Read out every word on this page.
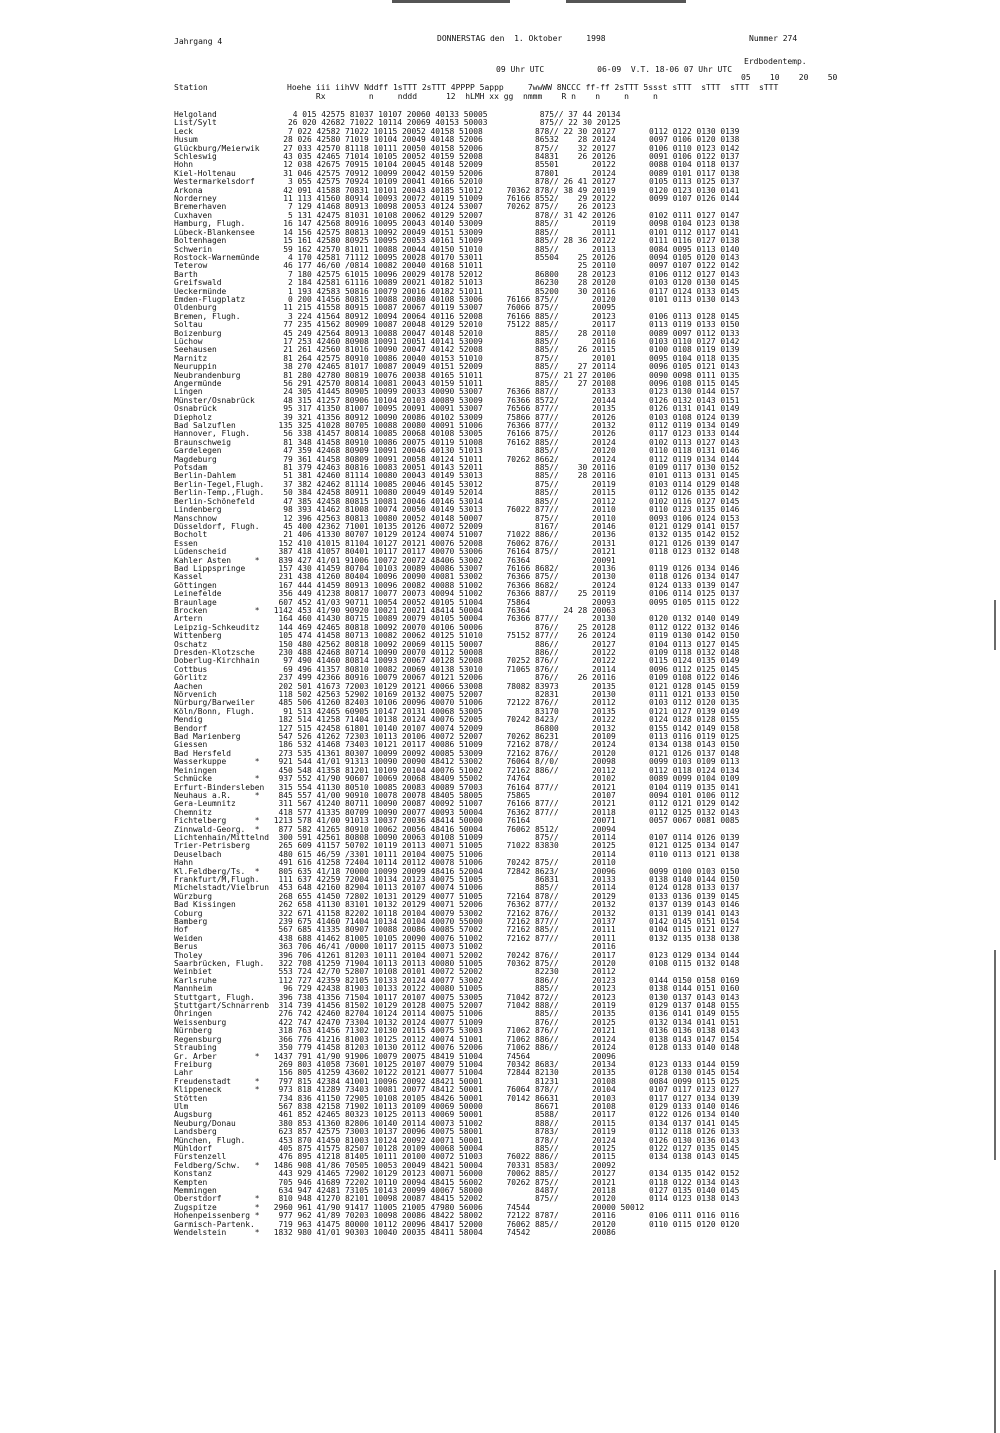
Jahrgang 4	DONNERSTAG den  1. Oktober     1998	Nummer 274
Erdbodentemp.
09 Uhr UTC           06-09  V.T. 18-06 07 Uhr UTC
05    10    20    50
Station	Hoehe iii iihVV Nddff 1sTTT 2sTTT 4PPPP 5appp     7wwWW 8NCCC ff-ff 2sTTT 5ssst sTTT  sTTT  sTTT  sTTT
Rx         n     nddd      12  hLMH xx gg  nmmm    R n    n     n     n
Helgoland                4 015 42575 81037 10107 20060 40133 50005           875// 37 44 20134
List/Sylt               26 020 42682 71022 10114 20069 40153 50003           875// 22 30 20125
Leck                    7 022 42582 71022 10115 20052 40158 51008           878// 22 30 20127       0112 0122 0130 0139
Husum                  28 026 42580 71019 10104 20049 40148 52006           86532    28 20124       0097 0106 0120 0138
Glückburg/Meierwik     27 033 42570 81118 10111 20050 40158 52006           875//    32 20127       0106 0110 0123 0142
Schleswig              43 035 42465 71014 10105 20052 40159 52008           84831    26 20126       0091 0106 0122 0137
Hohn                   12 038 42675 70915 10104 20045 40148 52009           85501       20122       0088 0104 0118 0137
Kiel-Holtenau          31 046 42575 70912 10099 20042 40159 52006           87801       20124       0089 0101 0117 0138
Westermarkelsdorf       3 055 42575 70924 10109 20041 40166 52010           878// 26 41 20127       0105 0113 0125 0137
Arkona                 42 091 41588 70831 10101 20043 40185 51012     70362 878// 38 49 20119       0120 0123 0130 0141
Norderney              11 113 41560 80914 10093 20072 40119 51009     76166 8552/    29 20122       0099 0107 0126 0144
Bremerhaven             7 129 41468 80913 10098 20053 40124 53007     70262 875//    26 20123
Cuxhaven                5 131 42475 81031 10108 20062 40129 52007           878// 31 42 20126       0102 0111 0127 0147
Hamburg, Flugh.        16 147 42568 80916 10095 20043 40140 53009           885//       20119       0098 0104 0123 0138
Lübeck-Blankensee      14 156 42575 80813 10092 20049 40151 53009           885//       20111       0101 0112 0117 0141
Boltenhagen            15 161 42580 80925 10095 20053 40161 51009           885// 28 36 20122       0111 0116 0127 0138
Schwerin               59 162 42570 81011 10088 20044 40150 51010           885//       20113       0084 0095 0113 0140
Rostock-Warnemünde      4 170 42581 71112 10095 20028 40170 53011           85504    25 20126       0094 0105 0120 0143
Teterow                46 177 46/60 /0814 10082 20040 40168 51011                    25 20110       0097 0107 0122 0142
Barth                   7 180 42575 61015 10096 20029 40178 52012           86800    28 20123       0106 0112 0127 0143
Greifswald              2 184 42581 61116 10089 20021 40182 51013           86230    28 20120       0103 0120 0130 0145
Ueckermünde             1 193 42583 50816 10079 20016 40182 51011           85200    30 20116       0117 0124 0133 0145
Emden-Flugplatz         0 200 41456 80815 10088 20080 40108 53006     76166 875//       20120       0101 0113 0130 0143
Oldenburg              11 215 41558 80915 10087 20067 40119 53007     76066 875//       20095
Bremen, Flugh.          3 224 41564 80912 10094 20064 40116 52008     76166 885//       20123       0106 0113 0128 0145
Soltau                 77 235 41562 80909 10087 20048 40129 52010     75122 885//       20117       0113 0119 0133 0150
Boizenburg             45 249 42564 80913 10088 20047 40148 52010           885//    28 20110       0089 0097 0112 0133
Lüchow                 17 253 42460 80908 10091 20051 40141 53009           885//       20116       0103 0110 0127 0142
Seehausen              21 261 42560 81016 10090 20047 40142 52008           885//    26 20115       0100 0108 0119 0139
Marnitz                81 264 42575 80910 10086 20040 40153 51010           875//       20101       0095 0104 0118 0135
Neuruppin              38 270 42465 81017 10087 20049 40151 52009           885//    27 20114       0096 0105 0121 0143
Neubrandenburg         81 280 42780 80819 10076 20038 40165 51011           875// 21 27 20106       0090 0098 0111 0135
Angermünde             56 291 42570 80814 10081 20043 40159 51011           885//    27 20108       0096 0108 0115 0145
Lingen                 24 305 41445 80905 10099 20033 40090 53007     76366 887//       20133       0123 0130 0144 0157
Münster/Osnabrück      48 315 41257 80906 10104 20103 40089 53009     76366 8572/       20144       0126 0132 0143 0151
Osnabrück              95 317 41350 81007 10095 20091 40091 53007     76566 877//       20135       0126 0131 0141 0149
Diepholz               39 321 41356 80912 10090 20086 40102 53009     75866 877//       20126       0103 0108 0124 0139
Bad Salzuflen         135 325 41028 80705 10088 20080 40091 51006     76366 877//       20132       0112 0119 0134 0149
Hannover, Flugh.       56 338 41457 80814 10085 20068 40108 53005     76166 875//       20126       0117 0123 0133 0144
Braunschweig           81 348 41458 80910 10086 20075 40119 51008     76162 885//       20124       0102 0113 0127 0143
Gardelegen             47 359 42468 80909 10091 20046 40130 51013           885//       20120       0110 0118 0131 0146
Magdeburg              79 361 41458 80809 10091 20058 40124 51011     70262 8662/       20124       0112 0119 0134 0144
Potsdam                81 379 42463 80816 10083 20051 40143 52011           885//    30 20116       0109 0117 0130 0152
Berlin-Dahlem          51 381 42460 81114 10080 20043 40149 53013           885//    28 20116       0101 0113 0131 0145
Berlin-Tegel,Flugh.    37 382 42462 81114 10085 20046 40145 53012           875//       20119       0103 0114 0129 0148
Berlin-Temp.,Flugh.    50 384 42458 80911 10080 20049 40149 52014           885//       20115       0112 0126 0135 0142
Berlin-Schönefeld      47 385 42458 80815 10081 20046 40146 53014           885//       20112       0102 0116 0127 0145
Lindenberg             98 393 41462 81008 10074 20050 40149 53013     76022 877//       20110       0110 0123 0135 0146
Manschnow              12 396 42563 80813 10080 20052 40148 50007           875//       20110       0093 0106 0124 0153
Düsseldorf, Flugh.     45 400 42362 71001 10135 20126 40072 52009           8167/       20146       0121 0129 0141 0157
Bocholt                21 406 41330 80707 10129 20124 40074 51007     71022 886//       20136       0132 0135 0142 0152
Essen                 152 410 41015 81104 10127 20121 40076 52008     76062 876//       20131       0121 0126 0139 0147
Lüdenscheid           387 418 41057 80401 10117 20117 40070 53006     76164 875//       20121       0118 0123 0132 0148
Kahler Asten     *    839 427 41/01 91006 10072 20072 48406 53002     76364             20091
Bad Lippspringe       157 430 41459 80704 10103 20089 40086 53007     76166 8682/       20136       0119 0126 0134 0146
Kassel                231 438 41260 80404 10096 20090 40081 53002     76366 875//       20130       0118 0126 0134 0147
Göttingen             167 444 41459 80913 10096 20082 40088 51002     76366 8682/       20124       0124 0133 0139 0147
Leinefelde            356 449 41238 80817 10077 20073 40094 51002     76366 887//    25 20119       0106 0114 0125 0137
Braunlage             607 452 41/03 90711 10054 20052 40105 51004     75864             20093       0095 0105 0115 0122
Brocken          *   1142 453 41/90 90920 10021 20021 48414 50004     76364       24 28 20063
Artern                164 460 41430 80715 10089 20079 40105 50004     76366 877//       20130       0120 0132 0140 0149
Leipzig-Schkeuditz    144 469 42465 80818 10092 20070 40106 50006           876//    25 20128       0112 0122 0132 0146
Wittenberg            105 474 41458 80713 10082 20062 40125 51010     75152 877//    26 20124       0119 0130 0142 0150
Oschatz               150 480 42562 80818 10092 20069 40115 50007           886//       20127       0104 0113 0127 0145
Dresden-Klotzsche     230 488 42468 80714 10090 20070 40112 50008           886//       20122       0109 0118 0132 0148
Doberlug-Kirchhain     97 490 41460 80814 10093 20067 40128 52008     70252 876//       20122       0115 0124 0135 0149
Cottbus                69 496 41357 80810 10082 20069 40138 53010     71065 876//       20114       0096 0112 0125 0145
Görlitz               237 499 42366 80916 10079 20067 40121 52006           876//    26 20116       0109 0108 0122 0146
Aachen                202 501 41673 72003 10129 20121 40066 53008     78082 83973       20135       0121 0128 0145 0159
Nörvenich             118 502 42563 52902 10169 20132 40075 52007           82831       20130       0111 0121 0133 0150
Nürburg/Barweiler     485 506 41260 82403 10106 20096 40070 51006     72122 876//       20112       0103 0112 0120 0135
Köln/Bonn, Flugh.      91 513 42465 60905 10147 20131 40068 53005           83170       20135       0121 0127 0139 0149
Mendig                182 514 41258 71404 10138 20124 40076 52005     70242 8423/       20122       0124 0128 0128 0155
Bendorf               127 515 42458 61801 10140 20107 40074 52009           86800       20132       0155 0142 0149 0158
Bad Marienberg        547 526 41262 72303 10113 20106 40072 52007     70262 86231       20109       0113 0116 0119 0125
Giessen               186 532 41468 73403 10121 20117 40086 51009     72162 878//       20124       0134 0138 0143 0150
Bad Hersfeld          273 535 41361 80307 10099 20092 40085 53009     72162 876//       20120       0121 0126 0137 0148
Wasserkuppe      *    921 544 41/01 91313 10090 20090 48412 53002     76064 8//0/       20098       0099 0103 0109 0113
Meiningen             450 548 41358 81201 10109 20104 40076 51002     72162 886//       20112       0112 0118 0124 0134
Schmücke         *    937 552 41/90 90607 10069 20068 48409 55002     74764             20102       0089 0099 0104 0109
Erfurt-Bindersleben   315 554 41130 80510 10085 20083 40089 57003     76164 877//       20121       0104 0119 0135 0141
Neuhaus a.R.     *    845 557 41/00 90910 10078 20078 48405 58005     75865             20107       0094 0101 0106 0112
Gera-Leumnitz         311 567 41240 80711 10090 20087 40092 51007     76166 877//       20121       0112 0121 0129 0142
Chemnitz              418 577 41335 80709 10090 20077 40093 50004     76362 877//       20118       0112 0125 0132 0143
Fichtelberg      *   1213 578 41/00 91013 10037 20036 48414 50000     76164             20071       0057 0067 0081 0085
Zinnwald-Georg.  *    877 582 41265 80910 10062 20056 48416 50004     76062 8512/       20094
Lichtenhain/Mittelnd  300 591 42561 80808 10090 20063 40108 51009           875//       20114       0107 0114 0126 0139
Trier-Petrisberg      265 609 41157 50702 10119 20113 40071 51005     71022 83830       20125       0121 0125 0134 0147
Deuselbach            480 615 46/59 /3301 10111 20104 40075 51006                       20114       0110 0113 0121 0138
Hahn                  491 616 41258 72404 10114 20112 40078 51006     70242 875//       20110
Kl.Feldberg/Ts.  *    805 635 41/18 70000 10099 20099 48416 52004     72842 8623/       20096       0099 0100 0103 0150
Frankfurt/M,Flugh.    111 637 42259 72004 10134 20123 40075 51005           86831       20133       0138 0140 0144 0150
Michelstadt/Vielbrun  453 648 42160 82904 10113 20107 40074 51006           885//       20114       0124 0128 0133 0137
Würzburg              268 655 41450 72802 10131 20129 40077 51005     72164 878//       20129       0133 0136 0139 0145
Bad Kissingen         262 658 41130 83101 10132 20129 40071 52006     76362 877//       20132       0137 0139 0143 0146
Coburg                322 671 41158 82202 10118 20104 40079 53002     72162 876//       20132       0131 0139 0141 0143
Bamberg               239 675 41460 71404 10134 20104 40070 55000     72162 877//       20137       0142 0145 0151 0154
Hof                   567 685 41335 80907 10088 20086 40085 57002     72162 885//       20111       0104 0115 0121 0127
Weiden                438 688 41462 81005 10105 20090 40076 51002     72162 877//       20111       0132 0135 0138 0138
Berus                 363 706 46/41 /0000 10117 20115 40073 51002                       20116
Tholey                396 706 41261 81203 10111 20104 40071 52002     70242 876//       20117       0123 0129 0134 0144
Saarbrücken, Flugh.   322 708 41259 71904 10113 20113 40080 51005     70362 875//       20120       0108 0115 0132 0148
Weinbiet              553 724 42/70 52807 10108 20101 40072 52002           82230       20112
Karlsruhe             112 727 42359 82105 10133 20124 40077 53002           886//       20123       0144 0150 0158 0169
Mannheim               96 729 42438 81903 10133 20122 40080 51005           885//       20123       0138 0144 0151 0160
Stuttgart, Flugh.     396 738 41356 71504 10117 20107 40075 53005     71042 872//       20123       0130 0137 0143 0143
Stuttgart/Schnarrenb  314 739 41456 81502 10129 20128 40075 52007     71042 888//       20119       0129 0137 0148 0155
Öhringen              276 742 42460 82704 10124 20114 40075 51006           885//       20135       0136 0141 0149 0155
Weissenburg           422 747 42470 73304 10132 20124 40077 51009           876//       20125       0132 0134 0141 0151
Nürnberg              318 763 41456 71302 10130 20115 40075 53003     71062 876//       20121       0136 0136 0138 0143
Regensburg            366 776 41216 81003 10125 20112 40074 51001     71062 886//       20124       0138 0143 0147 0154
Straubing             350 779 41458 81203 10130 20112 40076 52006     71062 886//       20124       0128 0133 0140 0148
Gr. Arber        *   1437 791 41/90 91906 10079 20075 48419 51004     74564             20096
Freiburg              269 803 41058 73601 10125 20107 40079 51004     70342 8683/       20134       0123 0133 0144 0159
Lahr                  156 805 41259 43602 10122 20121 40077 51004     72844 82130       20135       0128 0130 0145 0154
Freudenstadt     *    797 815 42384 41001 10096 20092 48421 50001           81231       20108       0084 0099 0115 0125
Klippeneck       *    973 818 41289 73403 10081 20077 48412 50001     76064 878//       20104       0107 0117 0123 0127
Stötten               734 836 41150 72905 10108 20105 48426 50001     70142 86631       20103       0117 0127 0134 0139
Ulm                   567 838 42158 71902 10113 20109 40069 50000           86671       20108       0129 0133 0140 0146
Augsburg              461 852 42465 80323 10125 20113 40069 50001           8588/       20117       0122 0126 0134 0140
Neuburg/Donau         380 853 41360 82806 10140 20114 40073 51002           888//       20115       0134 0137 0141 0145
Landsberg             623 857 42575 73003 10137 20096 40075 58001           8783/       20119       0112 0118 0126 0133
München, Flugh.       453 870 41450 81003 10124 20092 40071 50001           878//       20124       0126 0130 0136 0143
Mühldorf              405 875 41575 82507 10128 20109 40068 50004           885//       20125       0122 0127 0135 0145
Fürstenzell           476 895 41218 81405 10111 20100 40072 51003     76022 886//       20115       0134 0138 0143 0145
Feldberg/Schw.   *   1486 908 41/86 70505 10053 20049 48421 50004     70331 8583/       20092
Konstanz              443 929 41465 72902 10129 20123 40071 56000     70062 885//       20127       0134 0135 0142 0152
Kempten               705 946 41689 72202 10110 20094 48415 56002     70262 875//       20121       0118 0122 0134 0143
Memmingen             634 947 42481 73105 10143 20099 40067 58000           8487/       20118       0127 0135 0140 0145
Oberstdorf       *    810 948 41270 82101 10098 20087 48415 52002           875//       20120       0114 0123 0138 0143
Zugspitze        *   2960 961 41/90 91417 11005 21005 47980 56006     74544             20000 50012
Hohenpeissenberg *    977 962 41/89 70203 10098 20086 48422 58002     72122 8787/       20116       0106 0111 0116 0116
Garmisch-Partenk.     719 963 41475 80000 10112 20096 48417 52000     76062 885//       20120       0110 0115 0120 0120
Wendelstein      *   1832 980 41/01 90303 10040 20035 48411 58004     74542             20086
